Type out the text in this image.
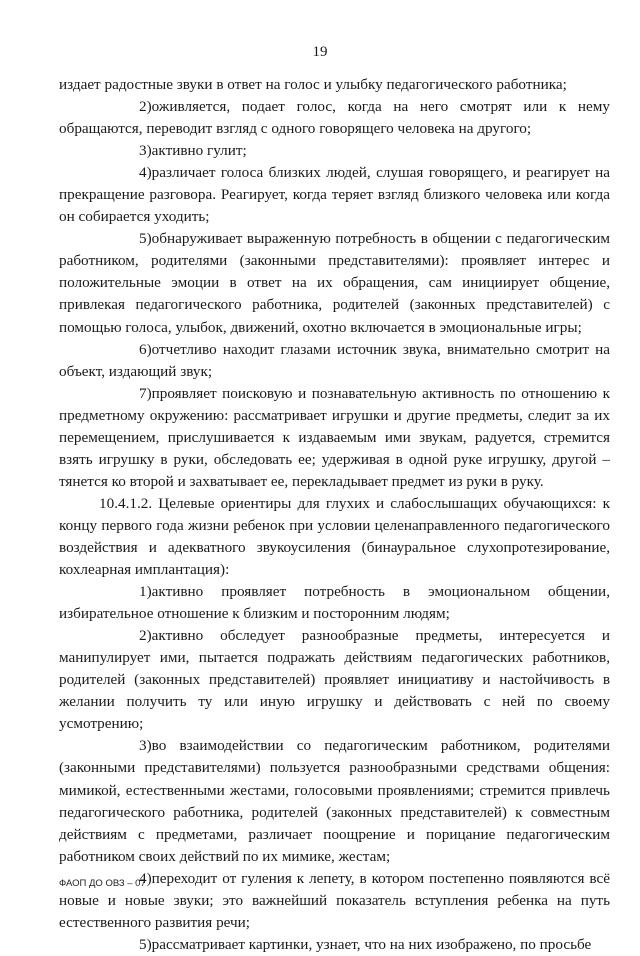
19

издает радостные звуки в ответ на голос и улыбку педагогического работника;

2)оживляется, подает голос, когда на него смотрят или к нему обращаются, переводит взгляд с одного говорящего человека на другого;

3)активно гулит;

4)различает голоса близких людей, слушая говорящего, и реагирует на прекращение разговора. Реагирует, когда теряет взгляд близкого человека или когда он собирается уходить;

5)обнаруживает выраженную потребность в общении с педагогическим работником, родителями (законными представителями): проявляет интерес и положительные эмоции в ответ на их обращения, сам инициирует общение, привлекая педагогического работника, родителей (законных представителей) с помощью голоса, улыбок, движений, охотно включается в эмоциональные игры;

6)отчетливо находит глазами источник звука, внимательно смотрит на объект, издающий звук;

7)проявляет поисковую и познавательную активность по отношению к предметному окружению: рассматривает игрушки и другие предметы, следит за их перемещением, прислушивается к издаваемым ими звукам, радуется, стремится взять игрушку в руки, обследовать ее; удерживая в одной руке игрушку, другой – тянется ко второй и захватывает ее, перекладывает предмет из руки в руку.

10.4.1.2. Целевые ориентиры для глухих и слабослышащих обучающихся: к концу первого года жизни ребенок при условии целенаправленного педагогического воздействия и адекватного звукоусиления (бинауральное слухопротезирование, кохлеарная имплантация):

1)активно проявляет потребность в эмоциональном общении, избирательное отношение к близким и посторонним людям;

2)активно обследует разнообразные предметы, интересуется и манипулирует ими, пытается подражать действиям педагогических работников, родителей (законных представителей) проявляет инициативу и настойчивость в желании получить ту или иную игрушку и действовать с ней по своему усмотрению;

3)во взаимодействии со педагогическим работником, родителями (законными представителями) пользуется разнообразными средствами общения: мимикой, естественными жестами, голосовыми проявлениями; стремится привлечь педагогического работника, родителей (законных представителей) к совместным действиям с предметами, различает поощрение и порицание педагогическим работником своих действий по их мимике, жестам;

4)переходит от гуления к лепету, в котором постепенно появляются всё новые и новые звуки; это важнейший показатель вступления ребенка на путь естественного развития речи;

5)рассматривает картинки, узнает, что на них изображено, по просьбе

ФАОП ДО ОВЗ – 07
